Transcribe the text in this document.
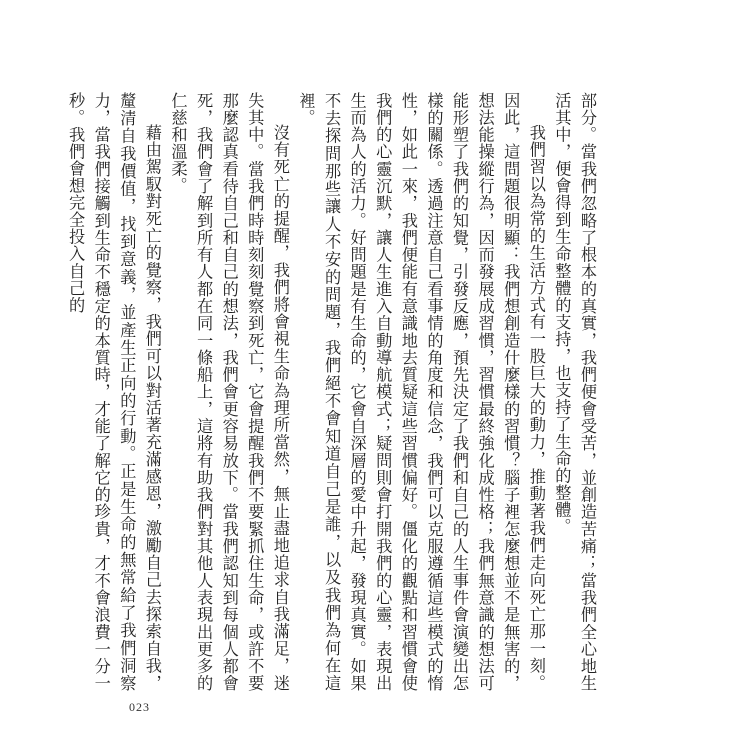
部分。當我們忽略了根本的真實，我們便會受苦，並創造苦痛；當我們全心地生活其中，便會得到生命整體的支持，也支持了生命的整體。

我們習以為常的生活方式有一股巨大的動力，推動著我們走向死亡那一刻。因此，這問題很明顯：我們想創造什麼樣的習慣？腦子裡怎麼想並不是無害的，想法能操縱行為，因而發展成習慣，習慣最終強化成性格；我們無意識的想法可能形塑了我們的知覺，引發反應，預先決定了我們和自己的人生事件會演變出怎樣的關係。透過注意自己看事情的角度和信念，我們可以克服遵循這些模式的惰性，如此一來，我們便能有意識地去質疑這些習慣偏好。僵化的觀點和習慣會使我們的心靈沉默，讓人生進入自動導航模式；疑問則會打開我們的心靈，表現出生而為人的活力。好問題是有生命的，它會自深層的愛中升起，發現真實。如果不去探問那些讓人不安的問題，我們絕不會知道自己是誰，以及我們為何在這裡。

沒有死亡的提醒，我們將會視生命為理所當然，無止盡地追求自我滿足，迷失其中。當我們時時刻刻覺察到死亡，它會提醒我們不要緊抓住生命，或許不要那麼認真看待自己和自己的想法，我們會更容易放下。當我們認知到每個人都會死，我們會了解到所有人都在同一條船上，這將有助我們對其他人表現出更多的仁慈和溫柔。

藉由駕馭對死亡的覺察，我們可以對活著充滿感恩，激勵自己去探索自我，釐清自我價值，找到意義，並產生正向的行動。正是生命的無常給了我們洞察力，當我們接觸到生命不穩定的本質時，才能了解它的珍貴，才不會浪費一分一秒。我們會想完全投入自己的

023
